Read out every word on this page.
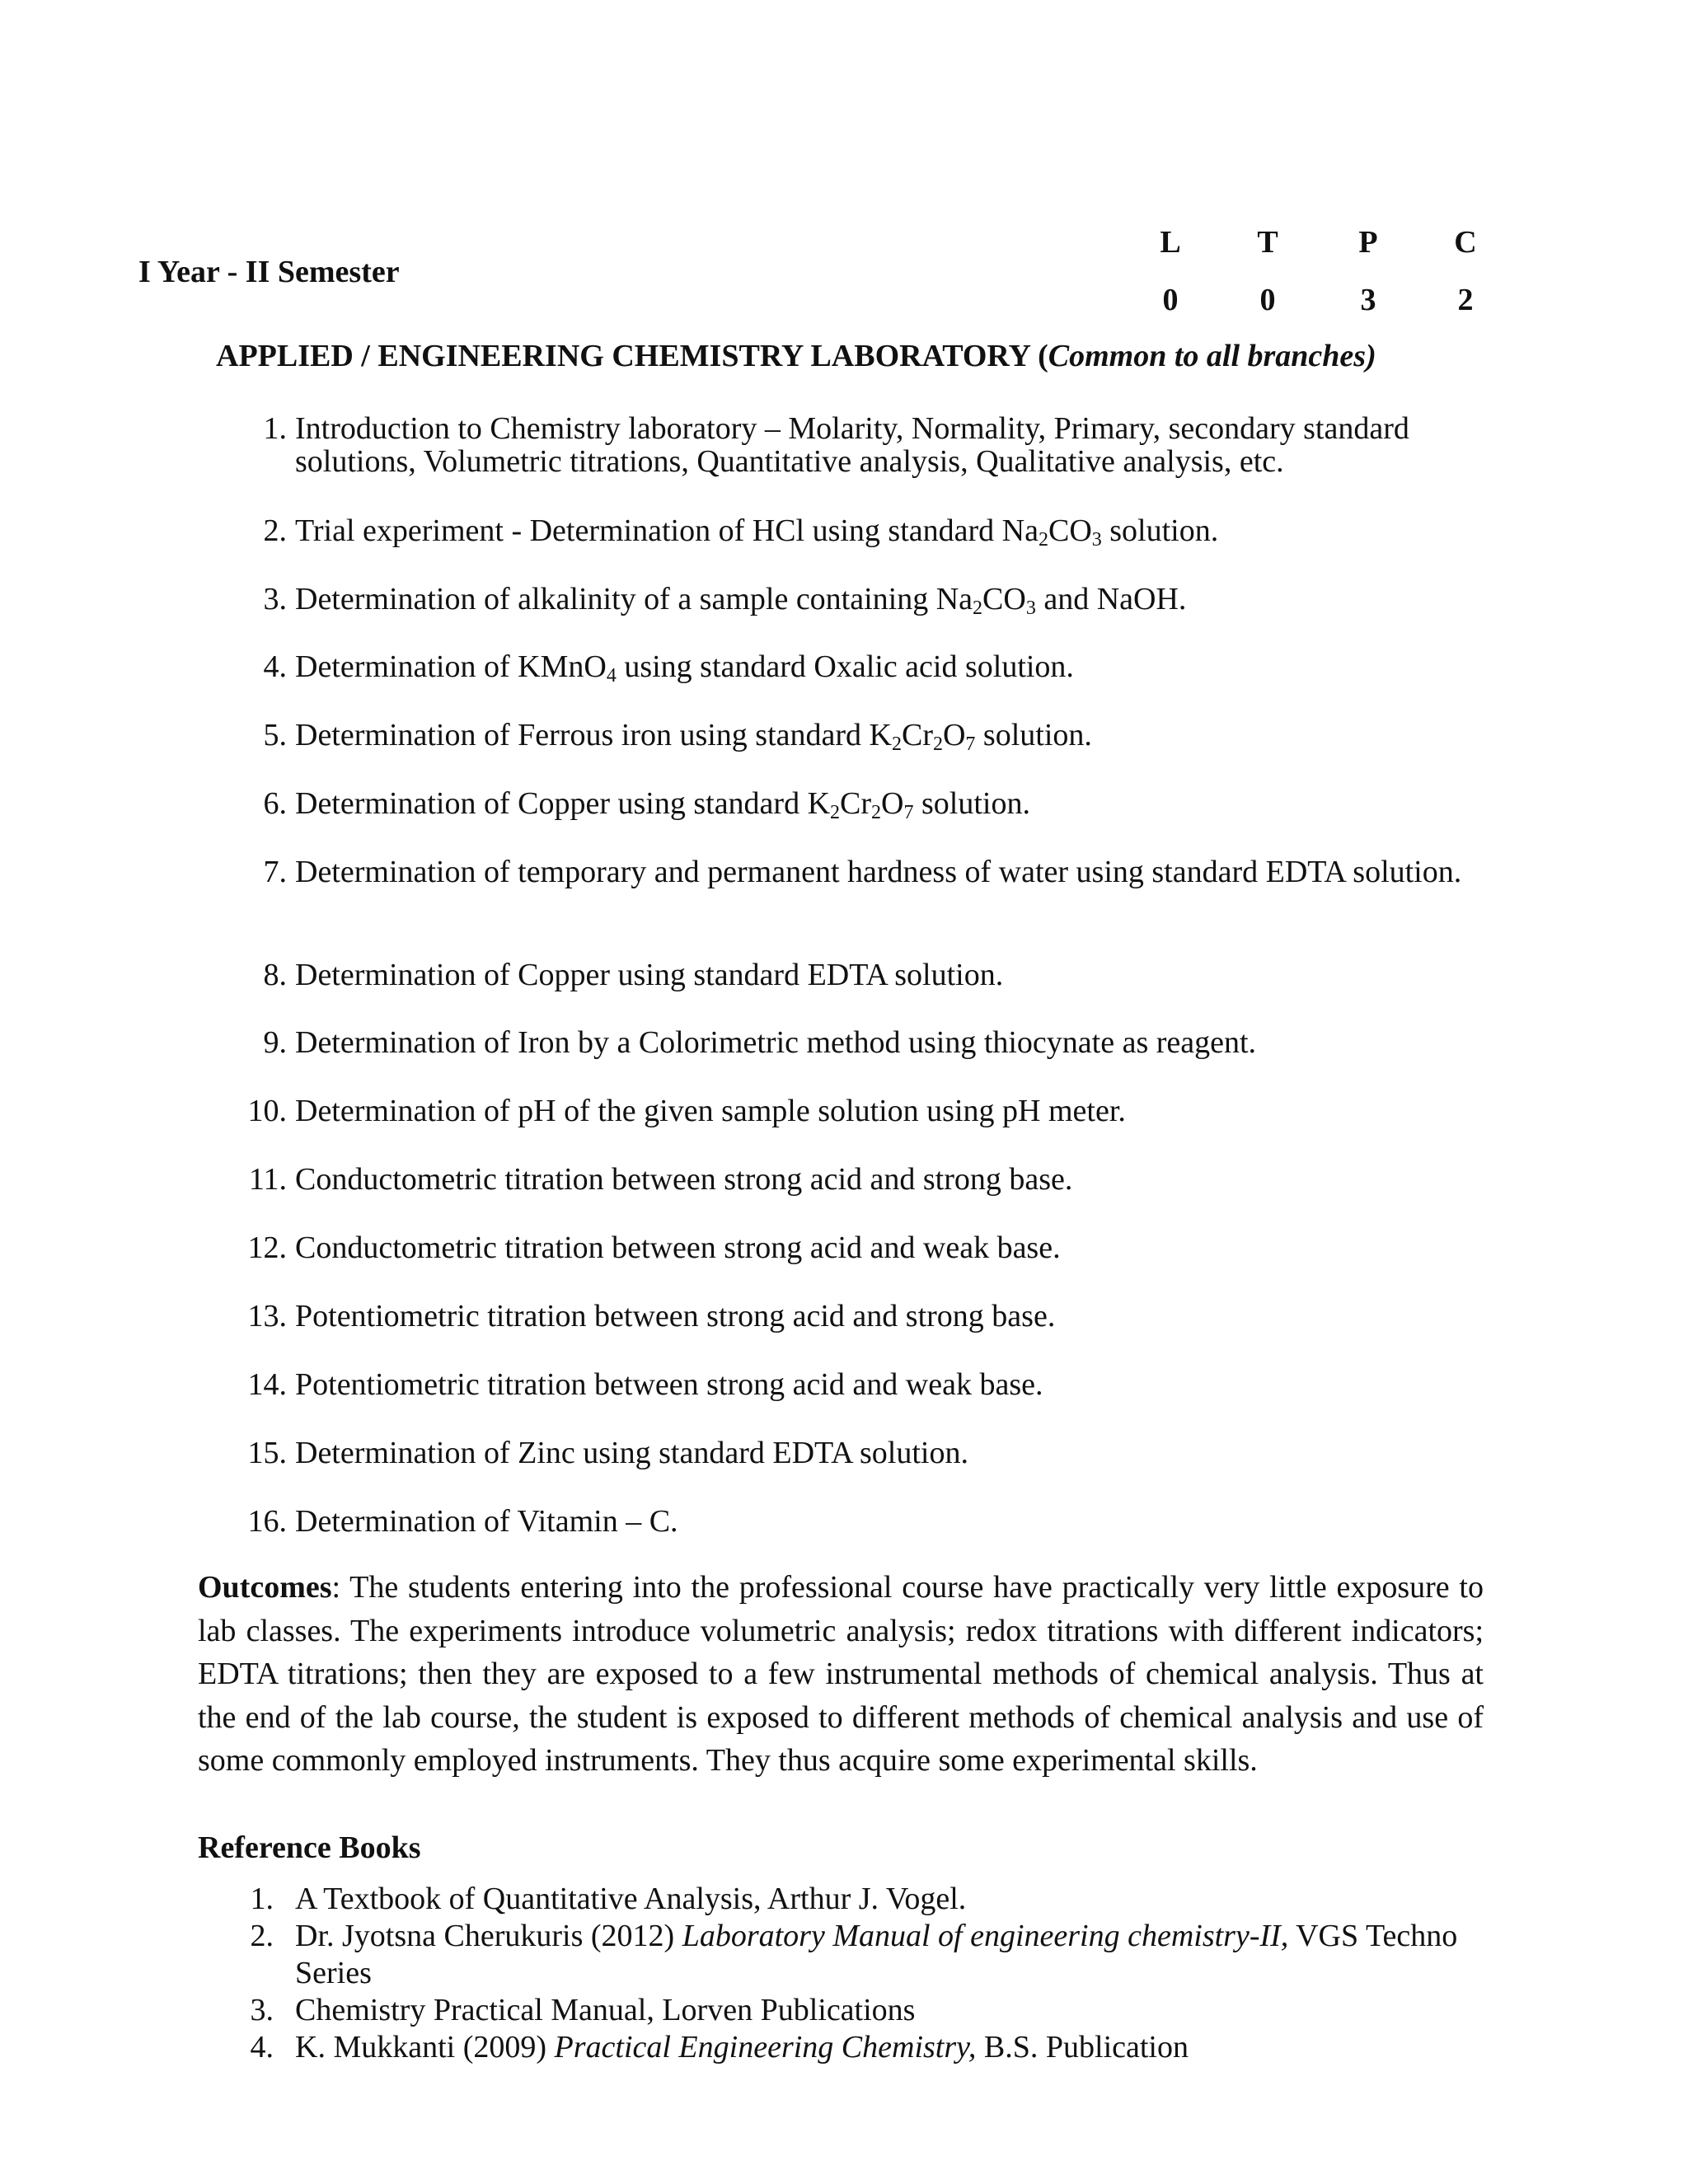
I Year - II Semester
L	T	P	C
0	0	3	2
APPLIED / ENGINEERING CHEMISTRY LABORATORY (Common to all branches)
1. Introduction to Chemistry laboratory – Molarity, Normality, Primary, secondary standard solutions, Volumetric titrations, Quantitative analysis, Qualitative analysis, etc.
2. Trial experiment - Determination of HCl using standard $Na_2CO_3$ solution.
3. Determination of alkalinity of a sample containing $Na_2CO_3$ and NaOH.
4. Determination of KMnO$_4$ using standard Oxalic acid solution.
5. Determination of Ferrous iron using standard $K_2Cr_2O_7$ solution.
6. Determination of Copper using standard $K_2Cr_2O_7$ solution.
7. Determination of temporary and permanent hardness of water using standard EDTA solution.
8. Determination of Copper using standard EDTA solution.
9. Determination of Iron by a Colorimetric method using thiocynate as reagent.
10. Determination of pH of the given sample solution using pH meter.
11. Conductometric titration between strong acid and strong base.
12. Conductometric titration between strong acid and weak base.
13. Potentiometric titration between strong acid and strong base.
14. Potentiometric titration between strong acid and weak base.
15. Determination of Zinc using standard EDTA solution.
16. Determination of Vitamin – C.
Outcomes: The students entering into the professional course have practically very little exposure to lab classes. The experiments introduce volumetric analysis; redox titrations with different indicators; EDTA titrations; then they are exposed to a few instrumental methods of chemical analysis. Thus at the end of the lab course, the student is exposed to different methods of chemical analysis and use of some commonly employed instruments. They thus acquire some experimental skills.
Reference Books
1. A Textbook of Quantitative Analysis, Arthur J. Vogel.
2. Dr. Jyotsna Cherukuris (2012) Laboratory Manual of engineering chemistry-II, VGS Techno Series
3. Chemistry Practical Manual, Lorven Publications
4. K. Mukkanti (2009) Practical Engineering Chemistry, B.S. Publication
